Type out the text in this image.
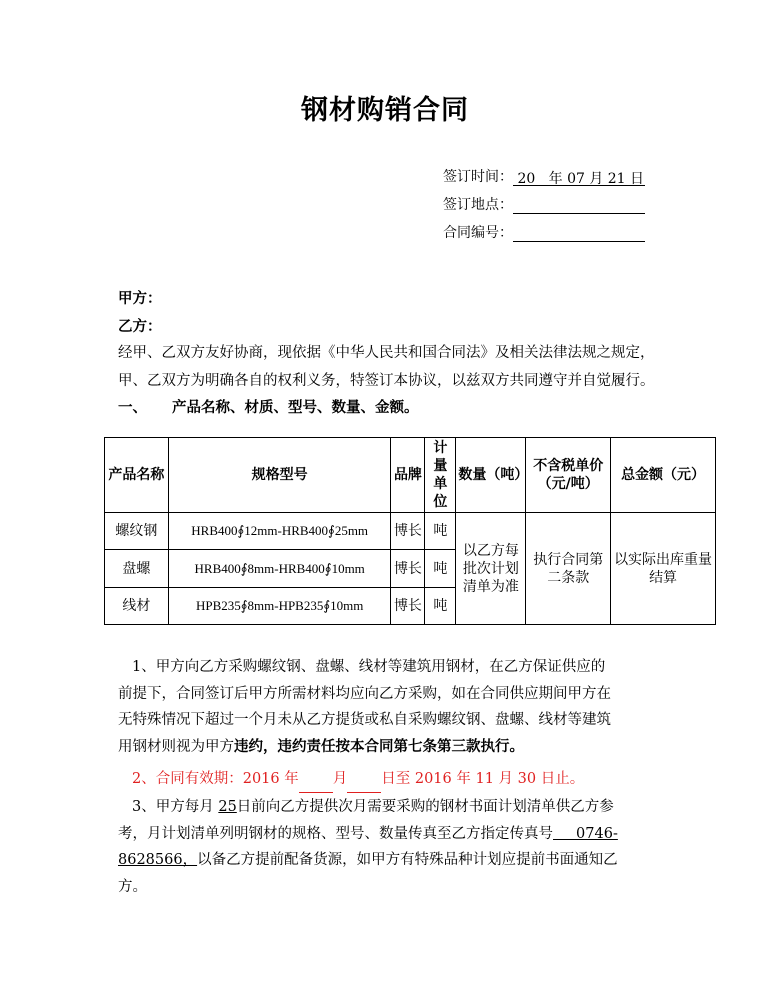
钢材购销合同
签订时间： 20   年 07 月 21 日
签订地点：
合同编号：
甲方：
乙方：
经甲、乙双方友好协商，现依据《中华人民共和国合同法》及相关法律法规之规定，
甲、乙双方为明确各自的权利义务，特签订本协议，以兹双方共同遵守并自觉履行。
一、 产品名称、材质、型号、数量、金额。
产品名称	规格型号	品牌	计量单位	数量（吨）	不含税单价（元/吨）	总金额（元）
螺纹钢	HRB400∮12mm-HRB400∮25mm	博长	吨	以乙方每批次计划清单为准	执行合同第二条款	以实际出库重量结算
盘螺	HRB400∮8mm-HRB400∮10mm	博长	吨			
线材	HPB235∮8mm-HPB235∮10mm	博长	吨			
1、甲方向乙方采购螺纹钢、盘螺、线材等建筑用钢材，在乙方保证供应的
前提下，合同签订后甲方所需材料均应向乙方采购，如在合同供应期间甲方在
无特殊情况下超过一个月未从乙方提货或私自采购螺纹钢、盘螺、线材等建筑
用钢材则视为甲方违约，违约责任按本合同第七条第三款执行。
2、合同有效期：2016 年 月 日至 2016 年 11 月 30 日止。
3、甲方每月 25日前向乙方提供次月需要采购的钢材书面计划清单供乙方参
考，月计划清单列明钢材的规格、型号、数量传真至乙方指定传真号     0746-
8628566，以备乙方提前配备货源，如甲方有特殊品种计划应提前书面通知乙
方。
